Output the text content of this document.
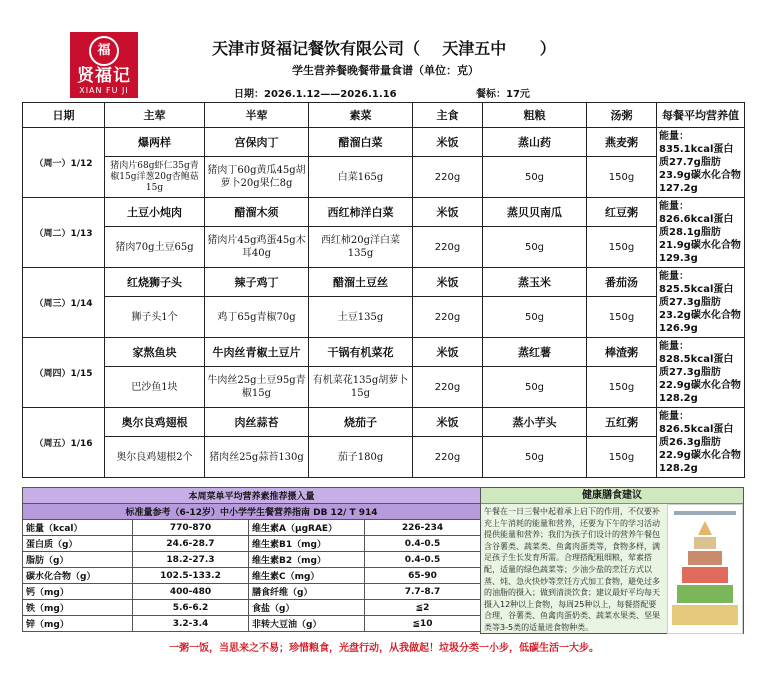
福
贤福记
XIAN FU JI
天津市贤福记餐饮有限公司（    天津五中      ）
学生营养餐晚餐带量食谱（单位：克）
日期：2026.1.12——2026.1.16	餐标：17元
日期	主荤	半荤	素菜	主食	粗粮	汤粥	每餐平均营养值
（周一）1/12	爆两样	宫保肉丁	醋溜白菜	米饭	蒸山药	燕麦粥	能量：835.1kcal蛋白质27.7g脂肪23.9g碳水化合物127.2g
	猪肉片68g虾仁35g青椒15g洋葱20g杏鲍菇15g	猪肉丁60g黄瓜45g胡萝卜20g果仁8g	白菜165g	220g	50g	150g	
（周二）1/13	土豆小炖肉	醋溜木须	西红柿洋白菜	米饭	蒸贝贝南瓜	红豆粥	能量：826.6kcal蛋白质28.1g脂肪21.9g碳水化合物129.3g
	猪肉70g土豆65g	猪肉片45g鸡蛋45g木耳40g	西红柿20g洋白菜135g	220g	50g	150g	
（周三）1/14	红烧狮子头	辣子鸡丁	醋溜土豆丝	米饭	蒸玉米	番茄汤	能量：825.5kcal蛋白质27.3g脂肪23.2g碳水化合物126.9g
	狮子头1个	鸡丁65g青椒70g	土豆135g	220g	50g	150g	
（周四）1/15	家熬鱼块	牛肉丝青椒土豆片	干锅有机菜花	米饭	蒸红薯	棒渣粥	能量：828.5kcal蛋白质27.3g脂肪22.9g碳水化合物128.2g
	巴沙鱼1块	牛肉丝25g土豆95g青椒15g	有机菜花135g胡萝卜15g	220g	50g	150g	
（周五）1/16	奥尔良鸡翅根	肉丝蒜苔	烧茄子	米饭	蒸小芋头	五红粥	能量：826.5kcal蛋白质26.3g脂肪22.9g碳水化合物128.2g
	奥尔良鸡翅根2个	猪肉丝25g蒜苔130g	茄子180g	220g	50g	150g	
本周菜单平均营养素推荐摄入量			
标准量参考（6-12岁）中小学学生餐营养指南 DB 12/ T 914			
能量（kcal）	770-870	维生素A（μgRAE）	226-234
蛋白质（g）	24.6-28.7	维生素B1（mg）	0.4-0.5
脂肪（g）	18.2-27.3	维生素B2（mg）	0.4-0.5
碳水化合物（g）	102.5-133.2	维生素C（mg）	65-90
钙（mg）	400-480	膳食纤维（g）	7.7-8.7
铁（mg）	5.6-6.2	食盐（g）	≦2
锌（mg）	3.2-3.4	非转大豆油（g）	≦10
健康膳食建议
午餐在一日三餐中起着承上启下的作用，不仅要补充上午消耗的能量和营养，还要为下午的学习活动提供能量和营养；我们为孩子们设计的营养午餐包含谷薯类、蔬菜类、鱼禽肉蛋类等，食物多样，满足孩子生长发育所需。合理搭配粗细粮，荤素搭配，适量的绿色蔬菜等；少油少盐的烹饪方式以蒸、炖、急火快炒等烹饪方式加工食物，避免过多的油脂的摄入；做到清淡饮食；建议最好平均每天摄入12种以上食物，每周25种以上，每餐搭配要合理，谷薯类、鱼禽肉蛋奶类、蔬菜水果类、坚果类等3-5类的适量进食物种类。
一粥一饭，当思来之不易；珍惜粮食，光盘行动，从我做起！垃圾分类一小步，低碳生活一大步。
